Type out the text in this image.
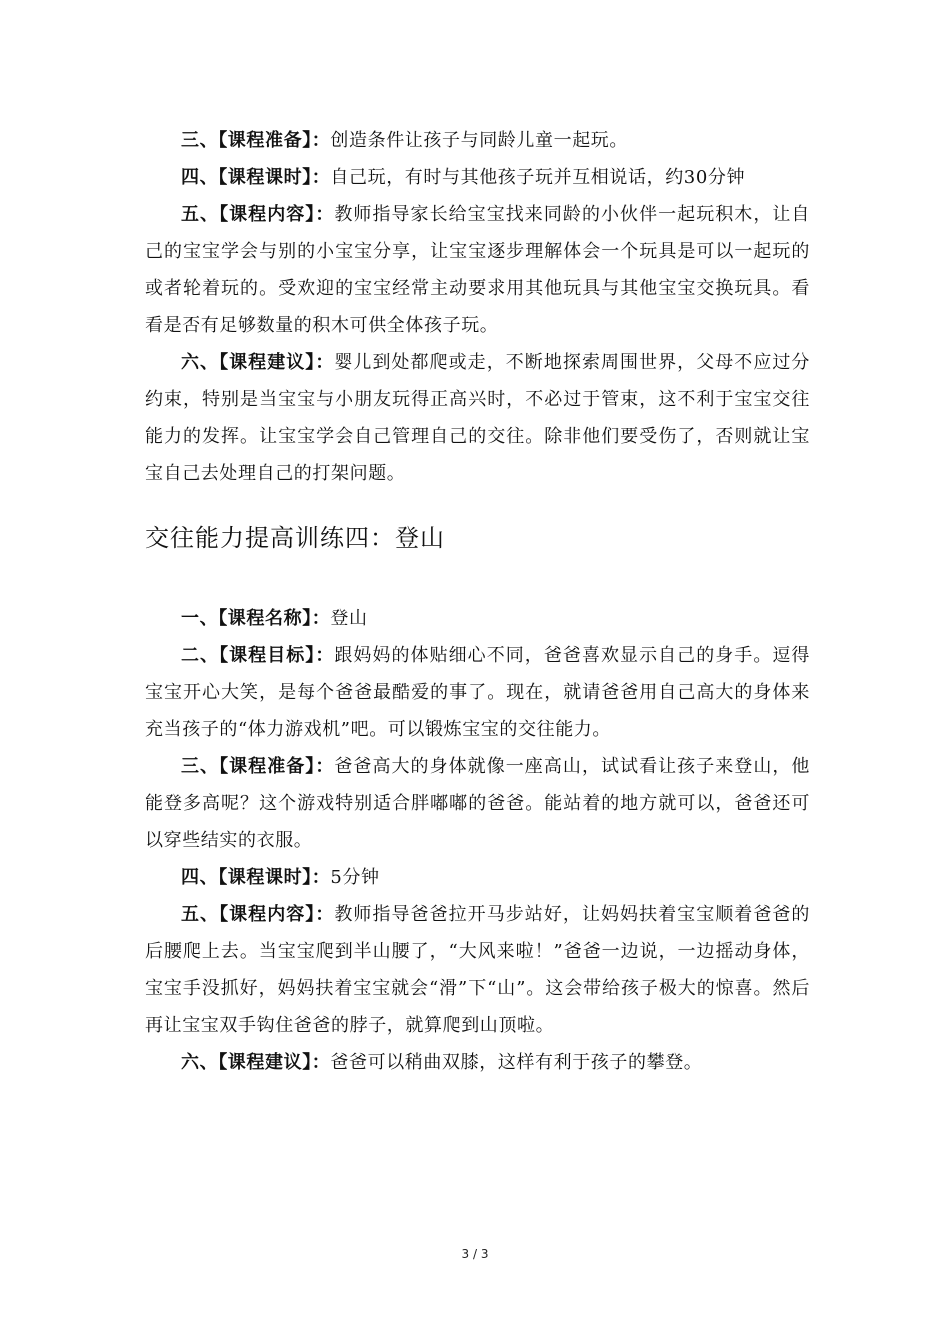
三、【课程准备】：创造条件让孩子与同龄儿童一起玩。

四、【课程课时】：自己玩，有时与其他孩子玩并互相说话，约30分钟

五、【课程内容】：教师指导家长给宝宝找来同龄的小伙伴一起玩积木，让自己的宝宝学会与别的小宝宝分享，让宝宝逐步理解体会一个玩具是可以一起玩的或者轮着玩的。受欢迎的宝宝经常主动要求用其他玩具与其他宝宝交换玩具。看看是否有足够数量的积木可供全体孩子玩。

六、【课程建议】：婴儿到处都爬或走，不断地探索周围世界，父母不应过分约束，特别是当宝宝与小朋友玩得正高兴时，不必过于管束，这不利于宝宝交往能力的发挥。让宝宝学会自己管理自己的交往。除非他们要受伤了，否则就让宝宝自己去处理自己的打架问题。

交往能力提高训练四：登山

一、【课程名称】：登山

二、【课程目标】：跟妈妈的体贴细心不同，爸爸喜欢显示自己的身手。逗得宝宝开心大笑，是每个爸爸最酷爱的事了。现在，就请爸爸用自己高大的身体来充当孩子的“体力游戏机”吧。可以锻炼宝宝的交往能力。

三、【课程准备】：爸爸高大的身体就像一座高山，试试看让孩子来登山，他能登多高呢？这个游戏特别适合胖嘟嘟的爸爸。能站着的地方就可以，爸爸还可以穿些结实的衣服。

四、【课程课时】：5分钟

五、【课程内容】：教师指导爸爸拉开马步站好，让妈妈扶着宝宝顺着爸爸的后腰爬上去。当宝宝爬到半山腰了，“大风来啦！”爸爸一边说，一边摇动身体，宝宝手没抓好，妈妈扶着宝宝就会“滑”下“山”。这会带给孩子极大的惊喜。然后再让宝宝双手钩住爸爸的脖子，就算爬到山顶啦。

六、【课程建议】：爸爸可以稍曲双膝，这样有利于孩子的攀登。

3 / 3
